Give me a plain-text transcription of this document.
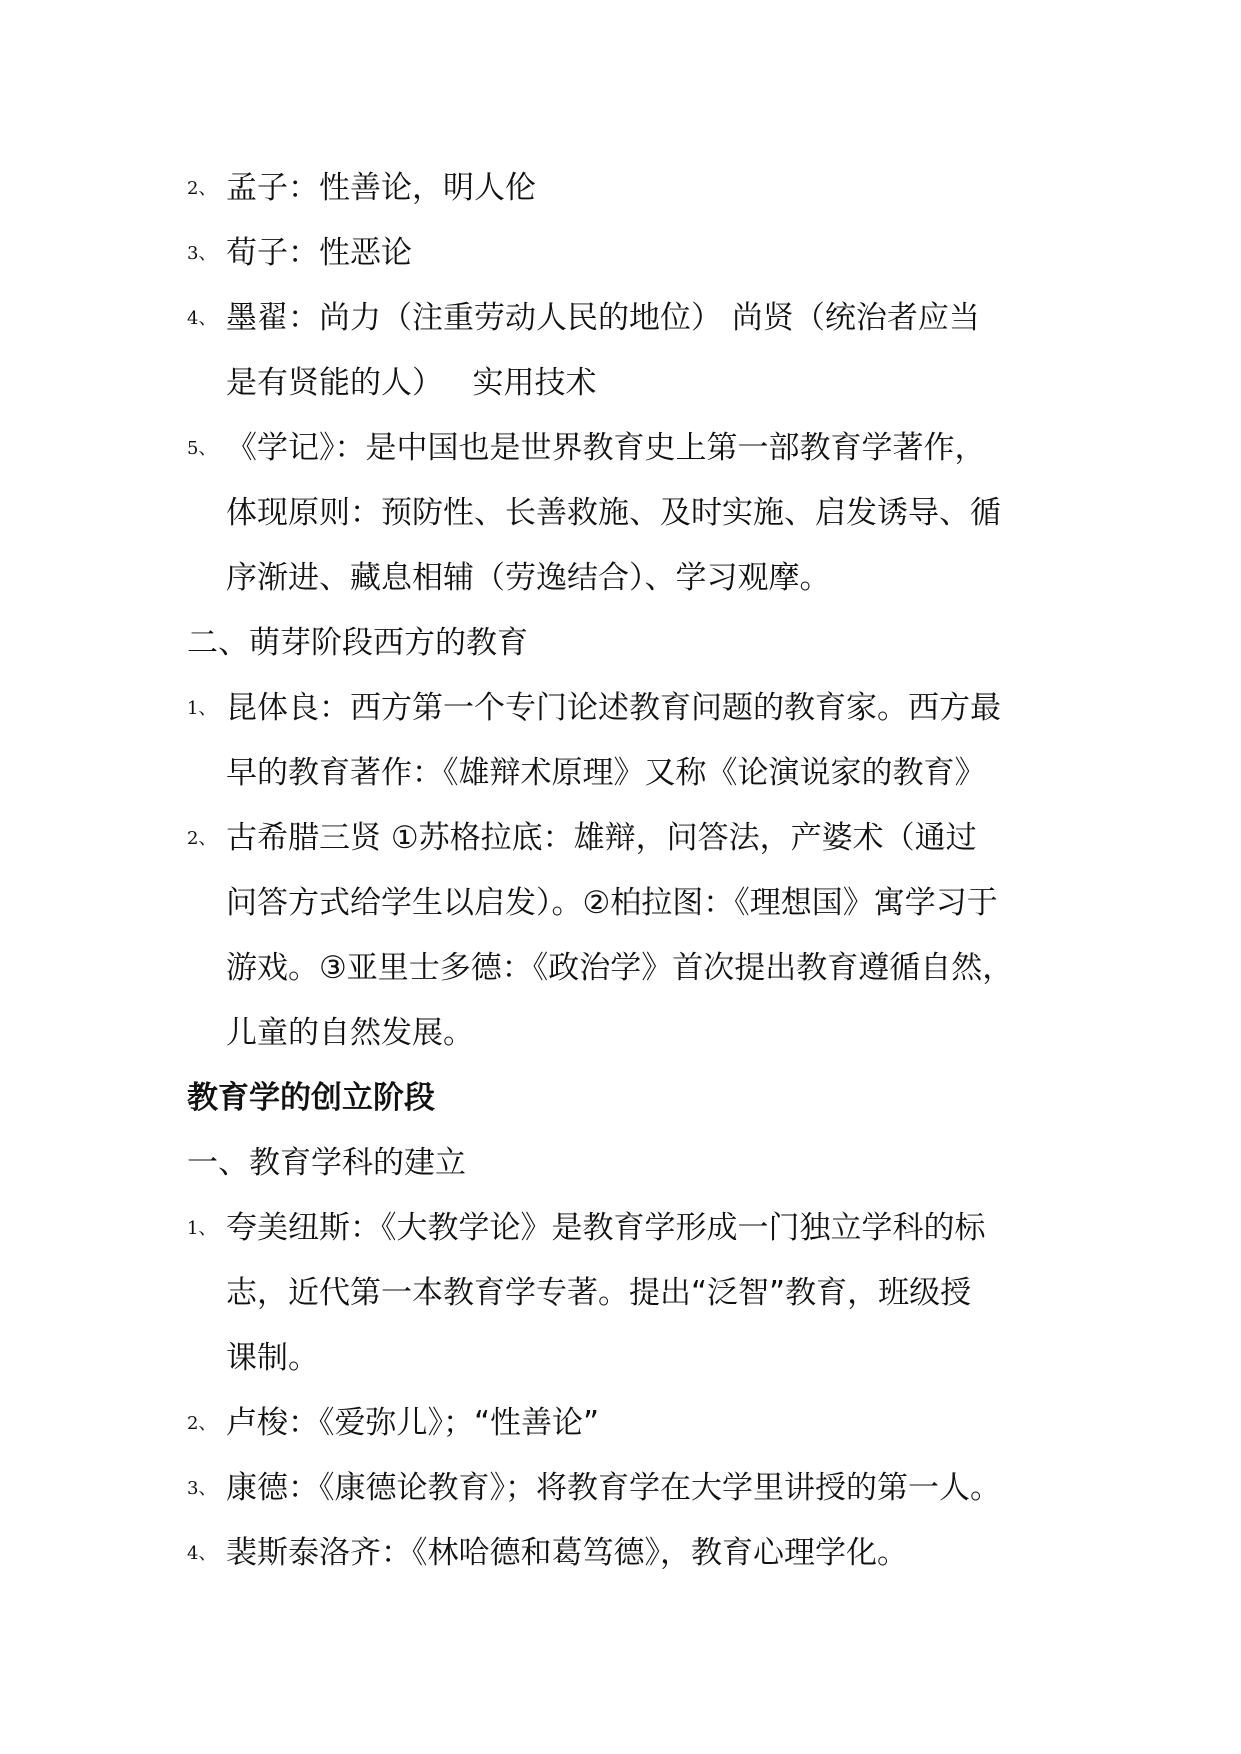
2、 孟子：性善论，明人伦

3、 荀子：性恶论

4、 墨翟：尚力（注重劳动人民的地位） 尚贤（统治者应当

是有贤能的人）   实用技术

5、 《学记》：是中国也是世界教育史上第一部教育学著作，

体现原则：预防性、长善救施、及时实施、启发诱导、循

序渐进、藏息相辅（劳逸结合）、学习观摩。

二、萌芽阶段西方的教育

1、 昆体良：西方第一个专门论述教育问题的教育家。西方最

早的教育著作：《雄辩术原理》又称《论演说家的教育》

2、 古希腊三贤 ①苏格拉底：雄辩，问答法，产婆术（通过

问答方式给学生以启发）。②柏拉图：《理想国》寓学习于

游戏。③亚里士多德：《政治学》首次提出教育遵循自然，

儿童的自然发展。

教育学的创立阶段

一、教育学科的建立

1、 夸美纽斯：《大教学论》是教育学形成一门独立学科的标

志，近代第一本教育学专著。提出“泛智”教育，班级授

课制。

2、 卢梭：《爱弥儿》；“性善论”

3、 康德：《康德论教育》；将教育学在大学里讲授的第一人。

4、 裴斯泰洛齐：《林哈德和葛笃德》，教育心理学化。
